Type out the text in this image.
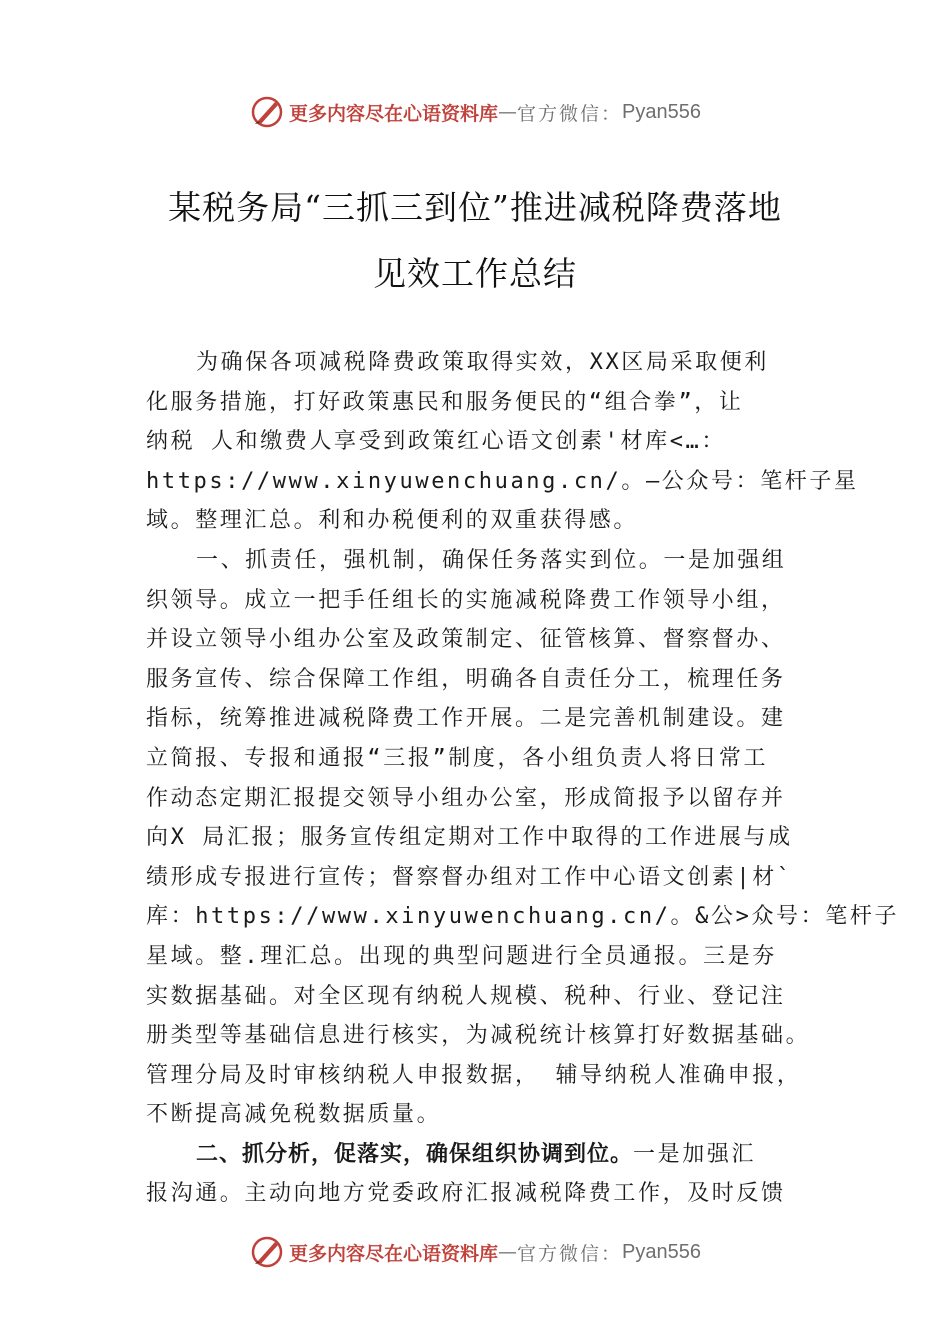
更多内容尽在心语资料库 — 官方微信： Pyan556
某税务局“三抓三到位”推进减税降费落地
见效工作总结
为确保各项减税降费政策取得实效，XX区局采取便利
化服务措施，打好政策惠民和服务便民的“组合拳”，让
纳税 人和缴费人享受到政策红心语文创素'材库<…：
https://www.xinyuwenchuang.cn/。—公众号：笔杆子星
域。整理汇总。利和办税便利的双重获得感。
一、抓责任，强机制，确保任务落实到位。一是加强组
织领导。成立一把手任组长的实施减税降费工作领导小组，
并设立领导小组办公室及政策制定、征管核算、督察督办、
服务宣传、综合保障工作组，明确各自责任分工，梳理任务
指标，统筹推进减税降费工作开展。二是完善机制建设。建
立简报、专报和通报“三报”制度，各小组负责人将日常工
作动态定期汇报提交领导小组办公室，形成简报予以留存并
向X 局汇报；服务宣传组定期对工作中取得的工作进展与成
绩形成专报进行宣传；督察督办组对工作中心语文创素|材`
库：https://www.xinyuwenchuang.cn/。&公>众号：笔杆子
星域。整.理汇总。出现的典型问题进行全员通报。三是夯
实数据基础。对全区现有纳税人规模、税种、行业、登记注
册类型等基础信息进行核实，为减税统计核算打好数据基础。
管理分局及时审核纳税人申报数据， 辅导纳税人准确申报，
不断提高减免税数据质量。
二、抓分析，促落实，确保组织协调到位。一是加强汇
报沟通。主动向地方党委政府汇报减税降费工作，及时反馈
更多内容尽在心语资料库 — 官方微信： Pyan556
